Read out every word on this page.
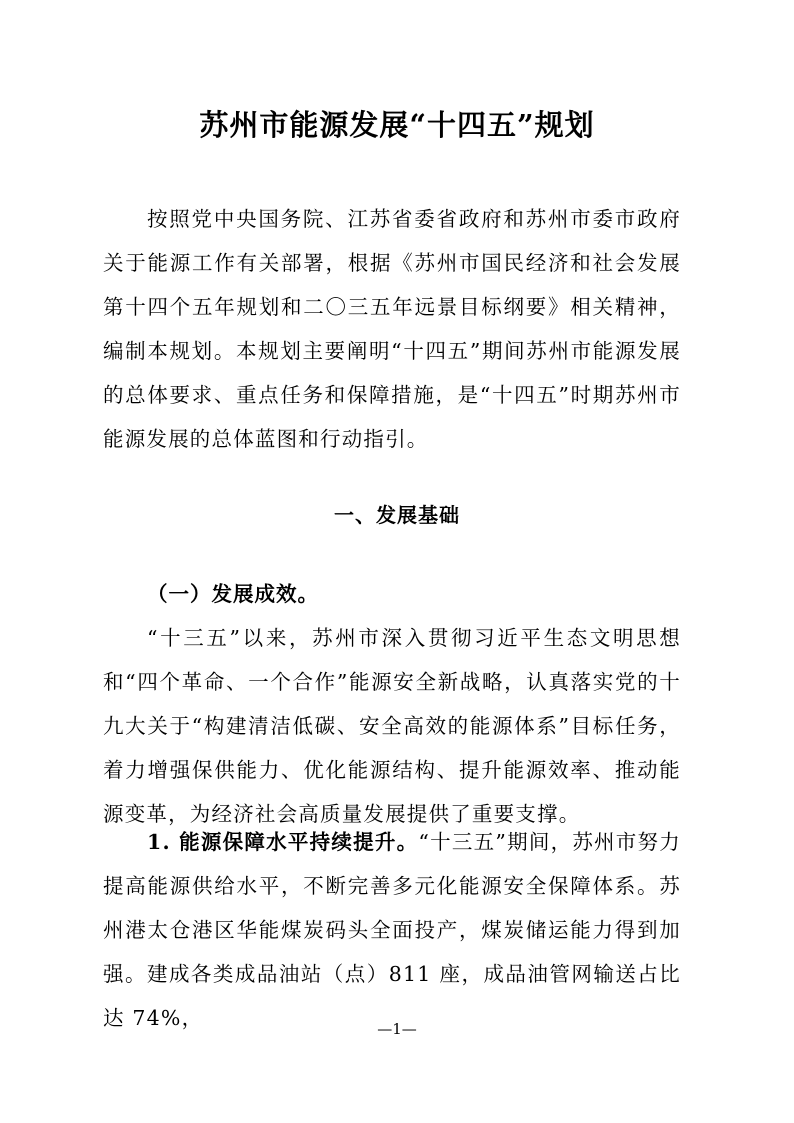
苏州市能源发展“十四五”规划

按照党中央国务院、江苏省委省政府和苏州市委市政府关于能源工作有关部署，根据《苏州市国民经济和社会发展第十四个五年规划和二〇三五年远景目标纲要》相关精神，编制本规划。本规划主要阐明“十四五”期间苏州市能源发展的总体要求、重点任务和保障措施，是“十四五”时期苏州市能源发展的总体蓝图和行动指引。

一、发展基础
（一）发展成效。

“十三五”以来，苏州市深入贯彻习近平生态文明思想和“四个革命、一个合作”能源安全新战略，认真落实党的十九大关于“构建清洁低碳、安全高效的能源体系”目标任务，着力增强保供能力、优化能源结构、提升能源效率、推动能源变革，为经济社会高质量发展提供了重要支撑。

1. 能源保障水平持续提升。“十三五”期间，苏州市努力提高能源供给水平，不断完善多元化能源安全保障体系。苏州港太仓港区华能煤炭码头全面投产，煤炭储运能力得到加强。建成各类成品油站（点）811 座，成品油管网输送占比达 74%，	—1—
